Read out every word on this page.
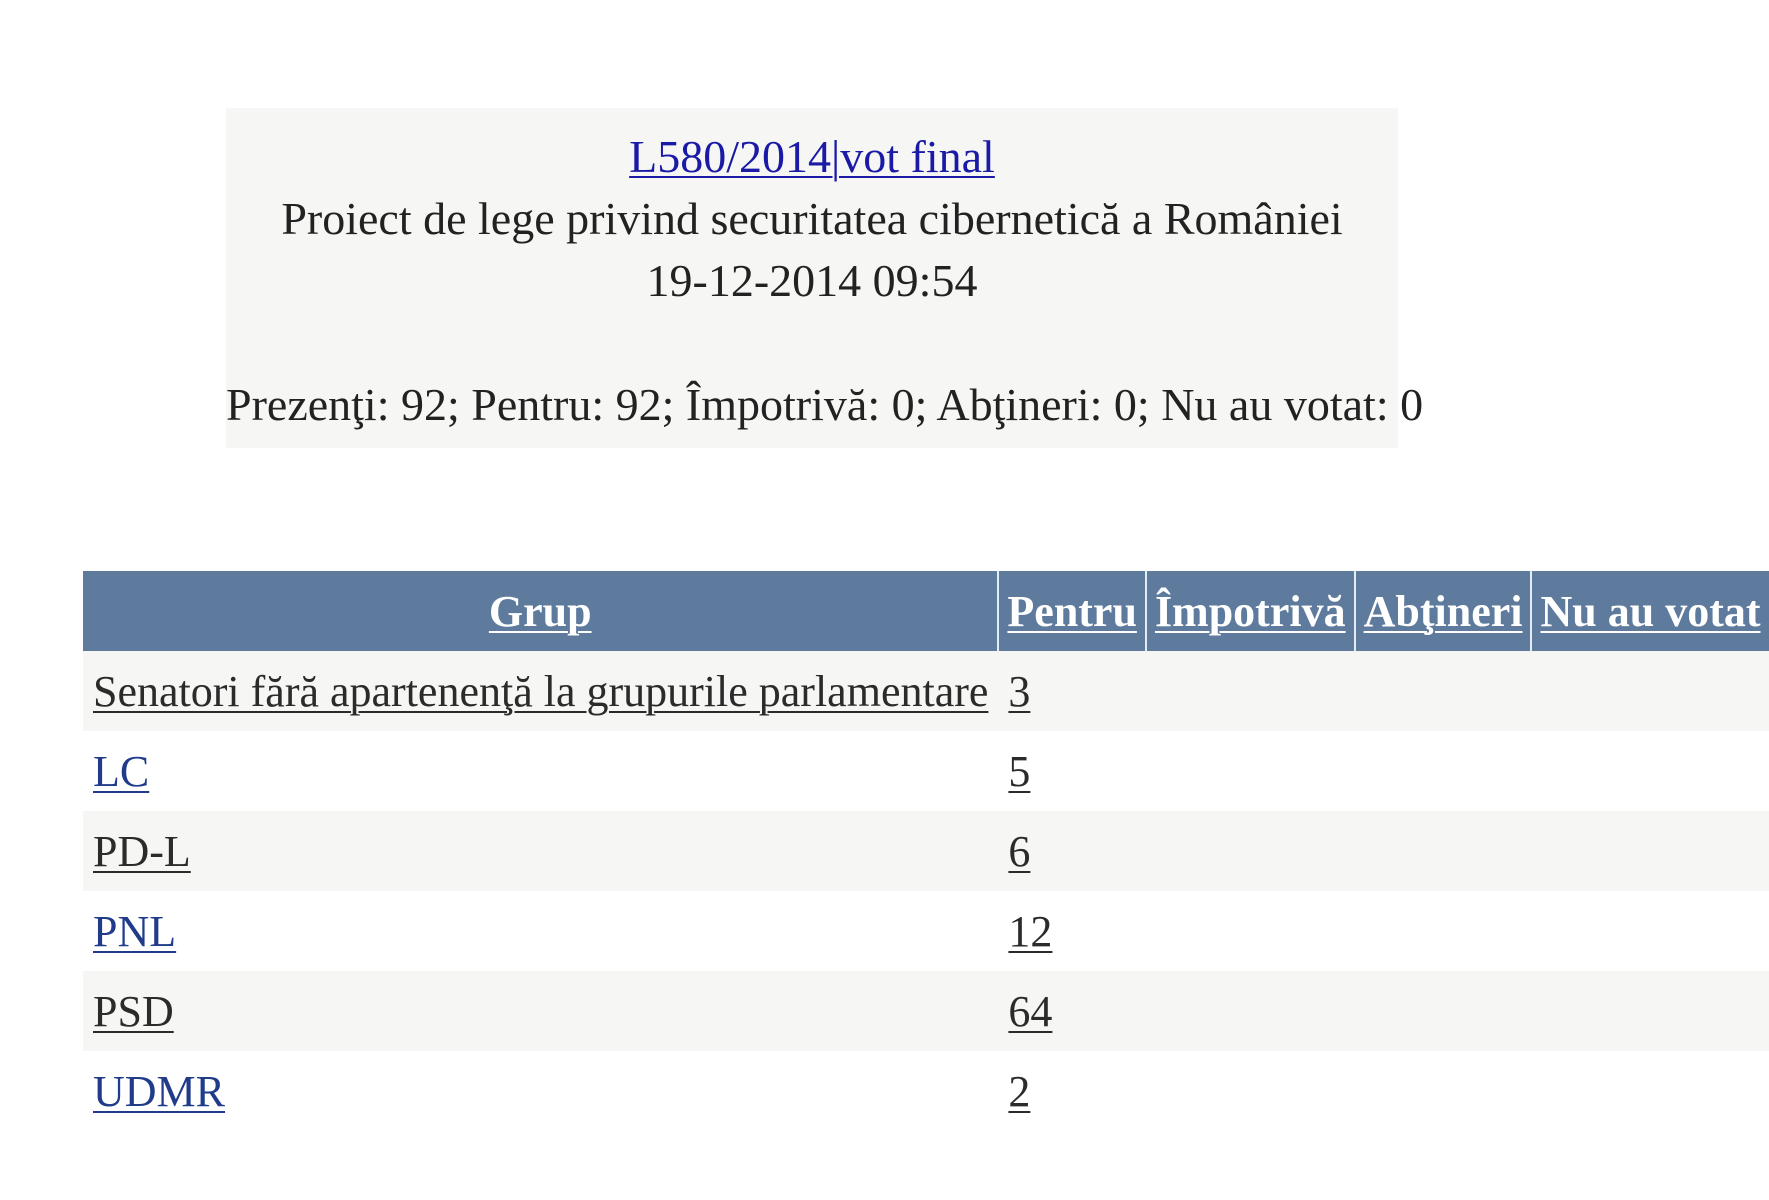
L580/2014|vot final
Proiect de lege privind securitatea cibernetică a României
19-12-2014 09:54
Prezenţi: 92; Pentru: 92; Împotrivă: 0; Abţineri: 0; Nu au votat: 0
Grup	Pentru	Împotrivă	Abţineri	Nu au votat
Senatori fără apartenenţă la grupurile parlamentare	3			
LC	5			
PD-L	6			
PNL	12			
PSD	64			
UDMR	2			
